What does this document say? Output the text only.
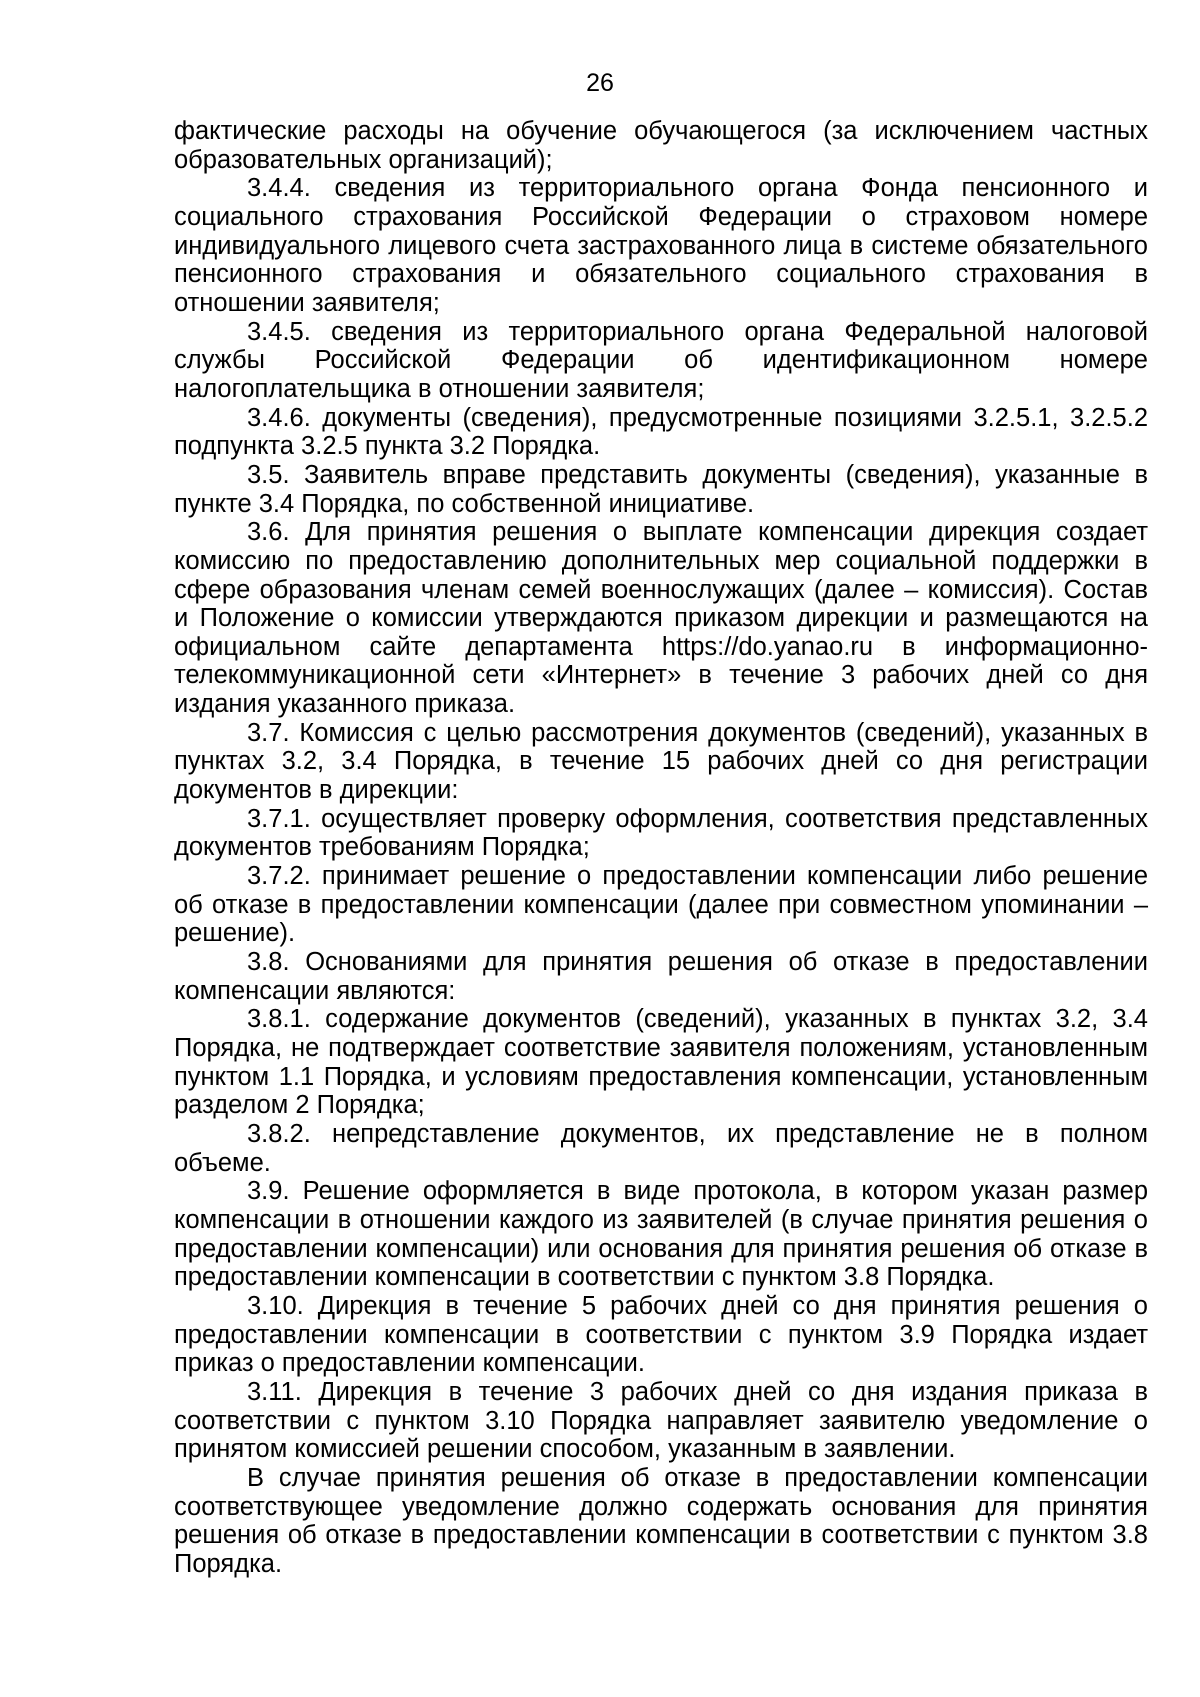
26

фактические расходы на обучение обучающегося (за исключением частных образовательных организаций);

3.4.4. сведения из территориального органа Фонда пенсионного и социального страхования Российской Федерации о страховом номере индивидуального лицевого счета застрахованного лица в системе обязательного пенсионного страхования и обязательного социального страхования в отношении заявителя;

3.4.5. сведения из территориального органа Федеральной налоговой службы Российской Федерации об идентификационном номере налогоплательщика в отношении заявителя;

3.4.6. документы (сведения), предусмотренные позициями 3.2.5.1, 3.2.5.2 подпункта 3.2.5 пункта 3.2 Порядка.

3.5. Заявитель вправе представить документы (сведения), указанные в пункте 3.4 Порядка, по собственной инициативе.

3.6. Для принятия решения о выплате компенсации дирекция создает комиссию по предоставлению дополнительных мер социальной поддержки в сфере образования членам семей военнослужащих (далее – комиссия). Состав и Положение о комиссии утверждаются приказом дирекции и размещаются на официальном сайте департамента https://do.yanao.ru в информационно-телекоммуникационной сети «Интернет» в течение 3 рабочих дней со дня издания указанного приказа.

3.7. Комиссия с целью рассмотрения документов (сведений), указанных в пунктах 3.2, 3.4 Порядка, в течение 15 рабочих дней со дня регистрации документов в дирекции:

3.7.1. осуществляет проверку оформления, соответствия представленных документов требованиям Порядка;

3.7.2. принимает решение о предоставлении компенсации либо решение об отказе в предоставлении компенсации (далее при совместном упоминании – решение).

3.8. Основаниями для принятия решения об отказе в предоставлении компенсации являются:

3.8.1. содержание документов (сведений), указанных в пунктах 3.2, 3.4 Порядка, не подтверждает соответствие заявителя положениям, установленным пунктом 1.1 Порядка, и условиям предоставления компенсации, установленным разделом 2 Порядка;

3.8.2. непредставление документов, их представление не в полном объеме.

3.9. Решение оформляется в виде протокола, в котором указан размер компенсации в отношении каждого из заявителей (в случае принятия решения о предоставлении компенсации) или основания для принятия решения об отказе в предоставлении компенсации в соответствии с пунктом 3.8 Порядка.

3.10. Дирекция в течение 5 рабочих дней со дня принятия решения о предоставлении компенсации в соответствии с пунктом 3.9 Порядка издает приказ о предоставлении компенсации.

3.11. Дирекция в течение 3 рабочих дней со дня издания приказа в соответствии с пунктом 3.10 Порядка направляет заявителю уведомление о принятом комиссией решении способом, указанным в заявлении.

В случае принятия решения об отказе в предоставлении компенсации соответствующее уведомление должно содержать основания для принятия решения об отказе в предоставлении компенсации в соответствии с пунктом 3.8 Порядка.
